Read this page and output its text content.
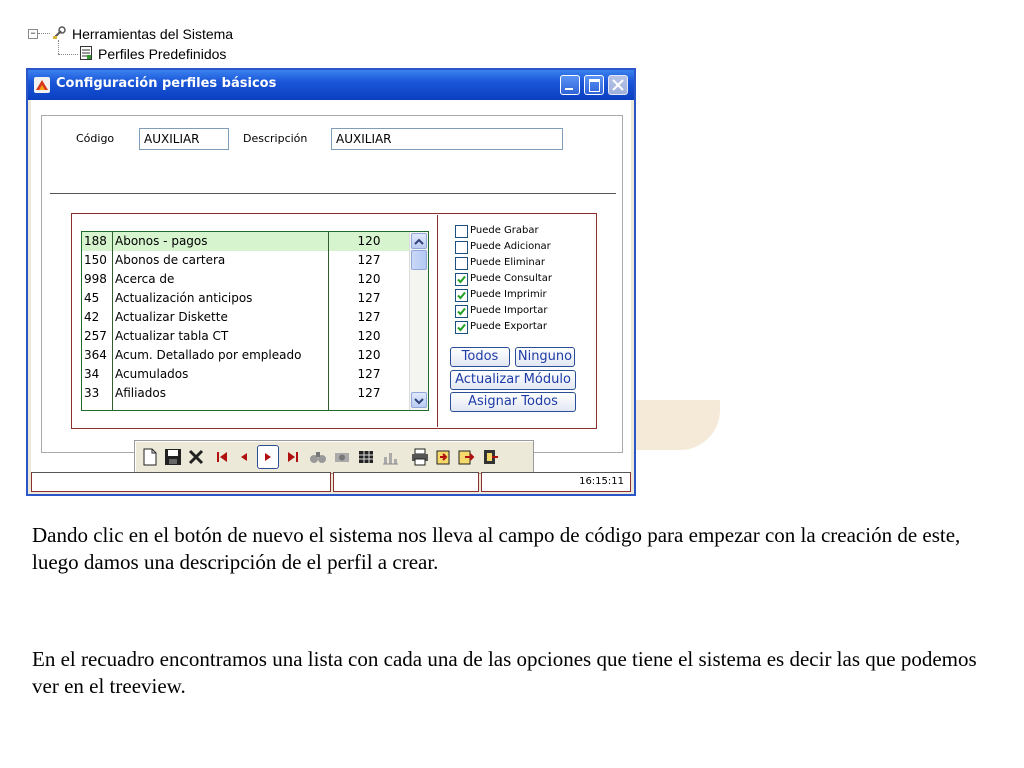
−	Herramientas del Sistema
Perfiles Predefinidos
Configuración perfiles básicos
Código
AUXILIAR	Descripción
AUXILIAR
188 Abonos - pagos	120
150 Abonos de cartera	127
998 Acerca de	120
45	Actualización anticipos	127
42	Actualizar Diskette	127
257 Actualizar tabla CT	120
364 Acum. Detallado por empleado	120
34	Acumulados	127
33	Afiliados	127
Puede Grabar
Puede Adicionar
Puede Eliminar
Puede Consultar
Puede Imprimir
Puede Importar
Puede Exportar
Todos	Ninguno
Actualizar Módulo
Asignar Todos
16:15:11
Dando clic en el botón de nuevo el sistema nos lleva al campo de código para empezar con la creación de este, luego damos una descripción de el perfil a crear.
En el recuadro encontramos una lista con cada una de las opciones que tiene el sistema es decir las que podemos ver en el treeview.
